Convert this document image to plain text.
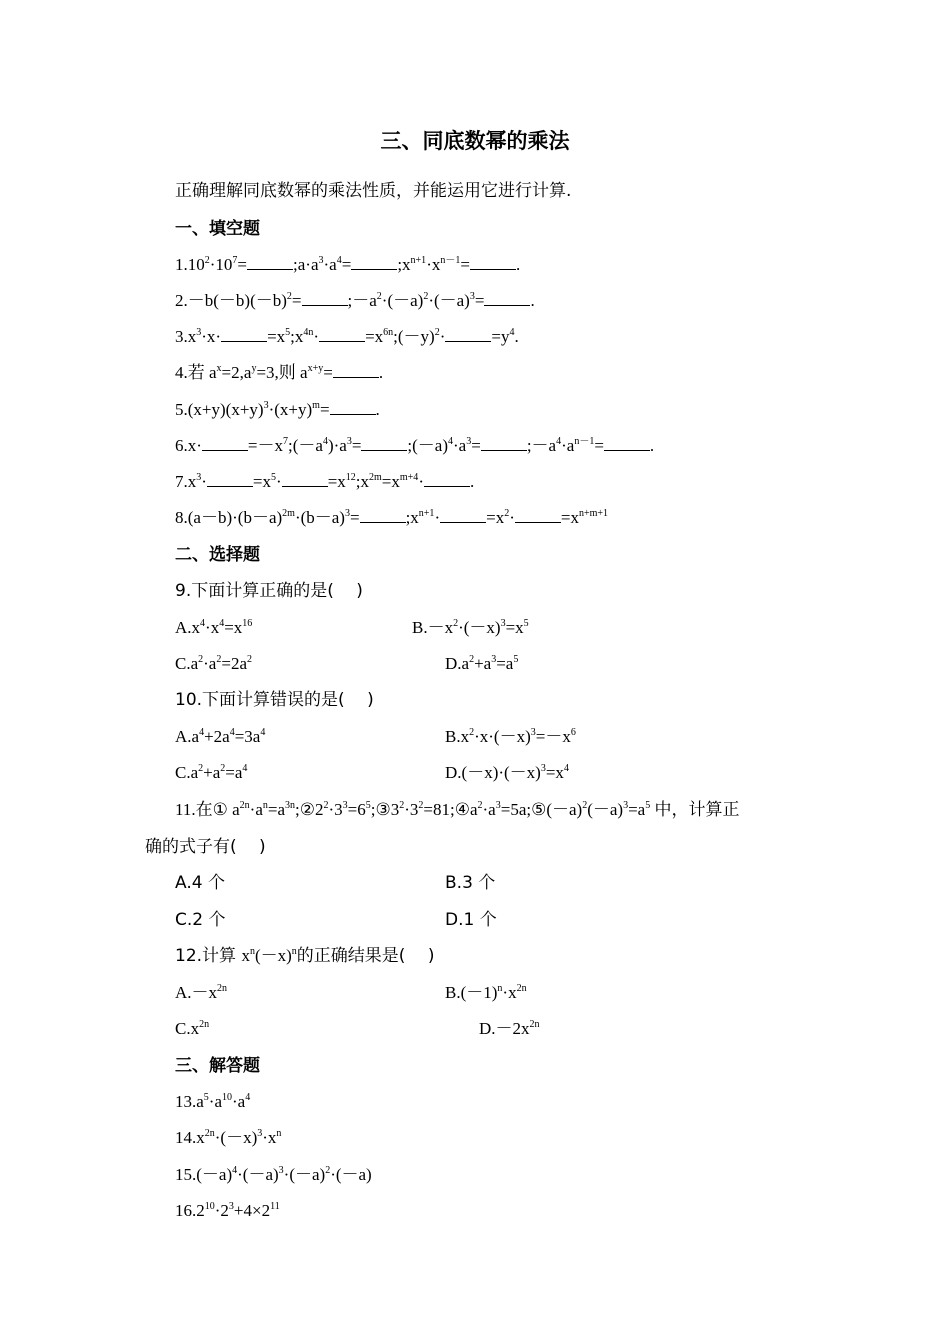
三、同底数幂的乘法
正确理解同底数幂的乘法性质，并能运用它进行计算.
一、填空题
$1.10^2\cdot 10^7=$	$;a\cdot a^3\cdot a^4=$	$;x^{n+1}\cdot x^{n-1}=$	.
$2.-b(-b)(-b)^2=$	$;-a^2\cdot(-a)^2\cdot(-a)^3=$	.
$3.x^3\cdot x\cdot$	$=x^5;x^{4n}\cdot$	$=x^{6n};(-y)^2\cdot$	$=y^4$.
4.若 $a^x=2,a^y=3$,则 $a^{x+y}=$	.
$5.(x+y)(x+y)^3\cdot(x+y)^m=$	.
6.x·	$=-x^7;(-a^4)\cdot a^3=$	$;(-a)^4\cdot a^3=$	$;-a^4\cdot a^{n-1}=$	.
$7.x^3\cdot$	$=x^5\cdot$	$=x^{12};x^{2m}=x^{m+4}\cdot$	.
$8.(a-b)\cdot(b-a)^{2m}\cdot(b-a)^3=$	$;x^{n+1}\cdot$	$=x^2\cdot$	$=x^{n+m+1}$
二、选择题
9.下面计算正确的是(　 )
$A.x^4\cdot x^4=x^{16}$	$B.-x^2\cdot(-x)^3=x^5$
$C.a^2\cdot a^2=2a^2$	$D.a^2+a^3=a^5$
10.下面计算错误的是(　 )
$A.a^4+2a^4=3a^4$	$B.x^2\cdot x\cdot(-x)^3=-x^6$
$C.a^2+a^2=a^4$	$D.(-x)\cdot(-x)^3=x^4$
11.在① $a^{2n}\cdot a^n=a^{3n};②2^2\cdot 3^3=6^5;③3^2\cdot 3^2=81;④a^2\cdot a^3=5a;⑤(-a)^2(-a)^3=a^5$ 中，计算正
确的式子有(　 )
A.4 个	B.3 个
C.2 个	D.1 个
12.计算 $x^n(-x)^n$的正确结果是(　 )
$A.-x^{2n}$	$B.(-1)^n\cdot x^{2n}$
$C.x^{2n}$	$D.-2x^{2n}$
三、解答题
$13.a^5\cdot a^{10}\cdot a^4$
$14.x^{2n}\cdot(-x)^3\cdot x^n$
$15.(-a)^4\cdot(-a)^3\cdot(-a)^2\cdot(-a)$
$16.2^{10}\cdot 2^3+4\times 2^{11}$
